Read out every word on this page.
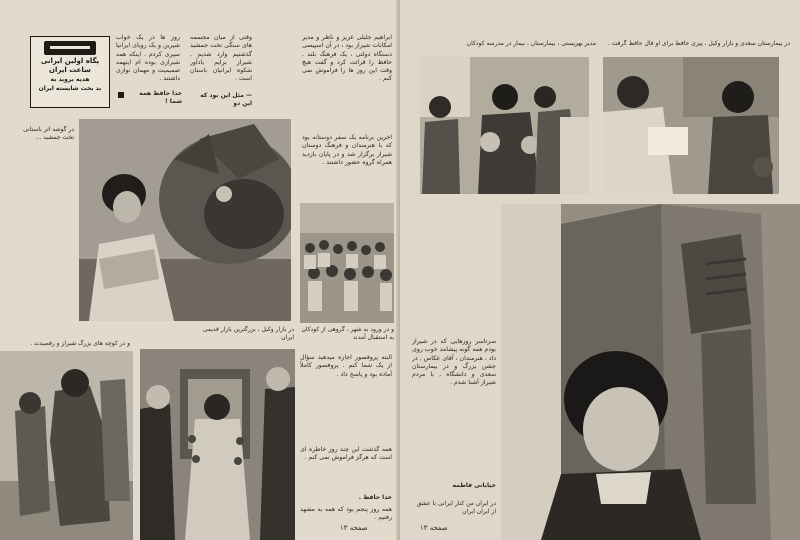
پگاه اولین ایرانی
ساعت ایران
هدیه بروید به
بد بخت شایسته ایران
روز ها در یک خواب شیرین و یک رویای ایرانیا سپری کردم . اینکه همه شیرازی بوده ام اینهمه صمیمیت و مهمان نوازی داشتند .
خدا حافظ همه شما !
وقتی از میان مجسمه های سنگی تخت جمشید گذشتیم وارد شدیم , شیراز برایم یادآور شکوه ایرانیان باستان است .
— مثل این بود که این دو
ابراهیم جلیلی عزیز و ناظر و مدیر امکانات شیراز بود ، در آن اسپیسی دستگاه دولتی ، یک فرهنگ بلند , حافظ را قرائت کرد و گفت هیچ وقت این روز ها را فراموش نمی کنم .
آخرین برنامه یک سفر دوستانه بود که با هنرمندان و فرهنگ دوستان شیراز برگزار شد و در پایان بازدید همراه گروه حضور داشتند .
در گوشه اثر باستانی تخت جمشید ...
و در ورود به شهر ، گروهی از کودکان به استقبال آمدند
در بازار وکیل ، بزرگترین بازار قدیمی ایران
و در کوچه های بزرگ شیراز و رقصیدند .
البته پروفسور اجازه میدهید سؤال از یک شما کنم . پروفسور کاملاً آماده بود و پاسخ داد .
همه گذشت این چند روز خاطره ای است که هرگز فراموش نمی کنم .
خدا حافظ .
همه روز پنجم بود که همه به مشهد رفتیم .
صفحه ۱۳
مدیر بهزیستی ، بیمارستان ، بیمار در مدرسه کودکان	در بیمارستان سعدی و بازار وکیل ، پیری حافظ برای او فال حافظ گرفت .
سرتاسر روزهایی که در شیراز بودم همه گونه پیشامد خوب روی داد ، هنرمندان ، آقای عکاس , در جشن بزرگ و در بیمارستان سعدی و دانشگاه , با مردم شیراز آشنا شدم .
خیابانی فاطمه
در ایران من کنار ایرانی با عشق از ایران ایران
صفحه ۱۳
